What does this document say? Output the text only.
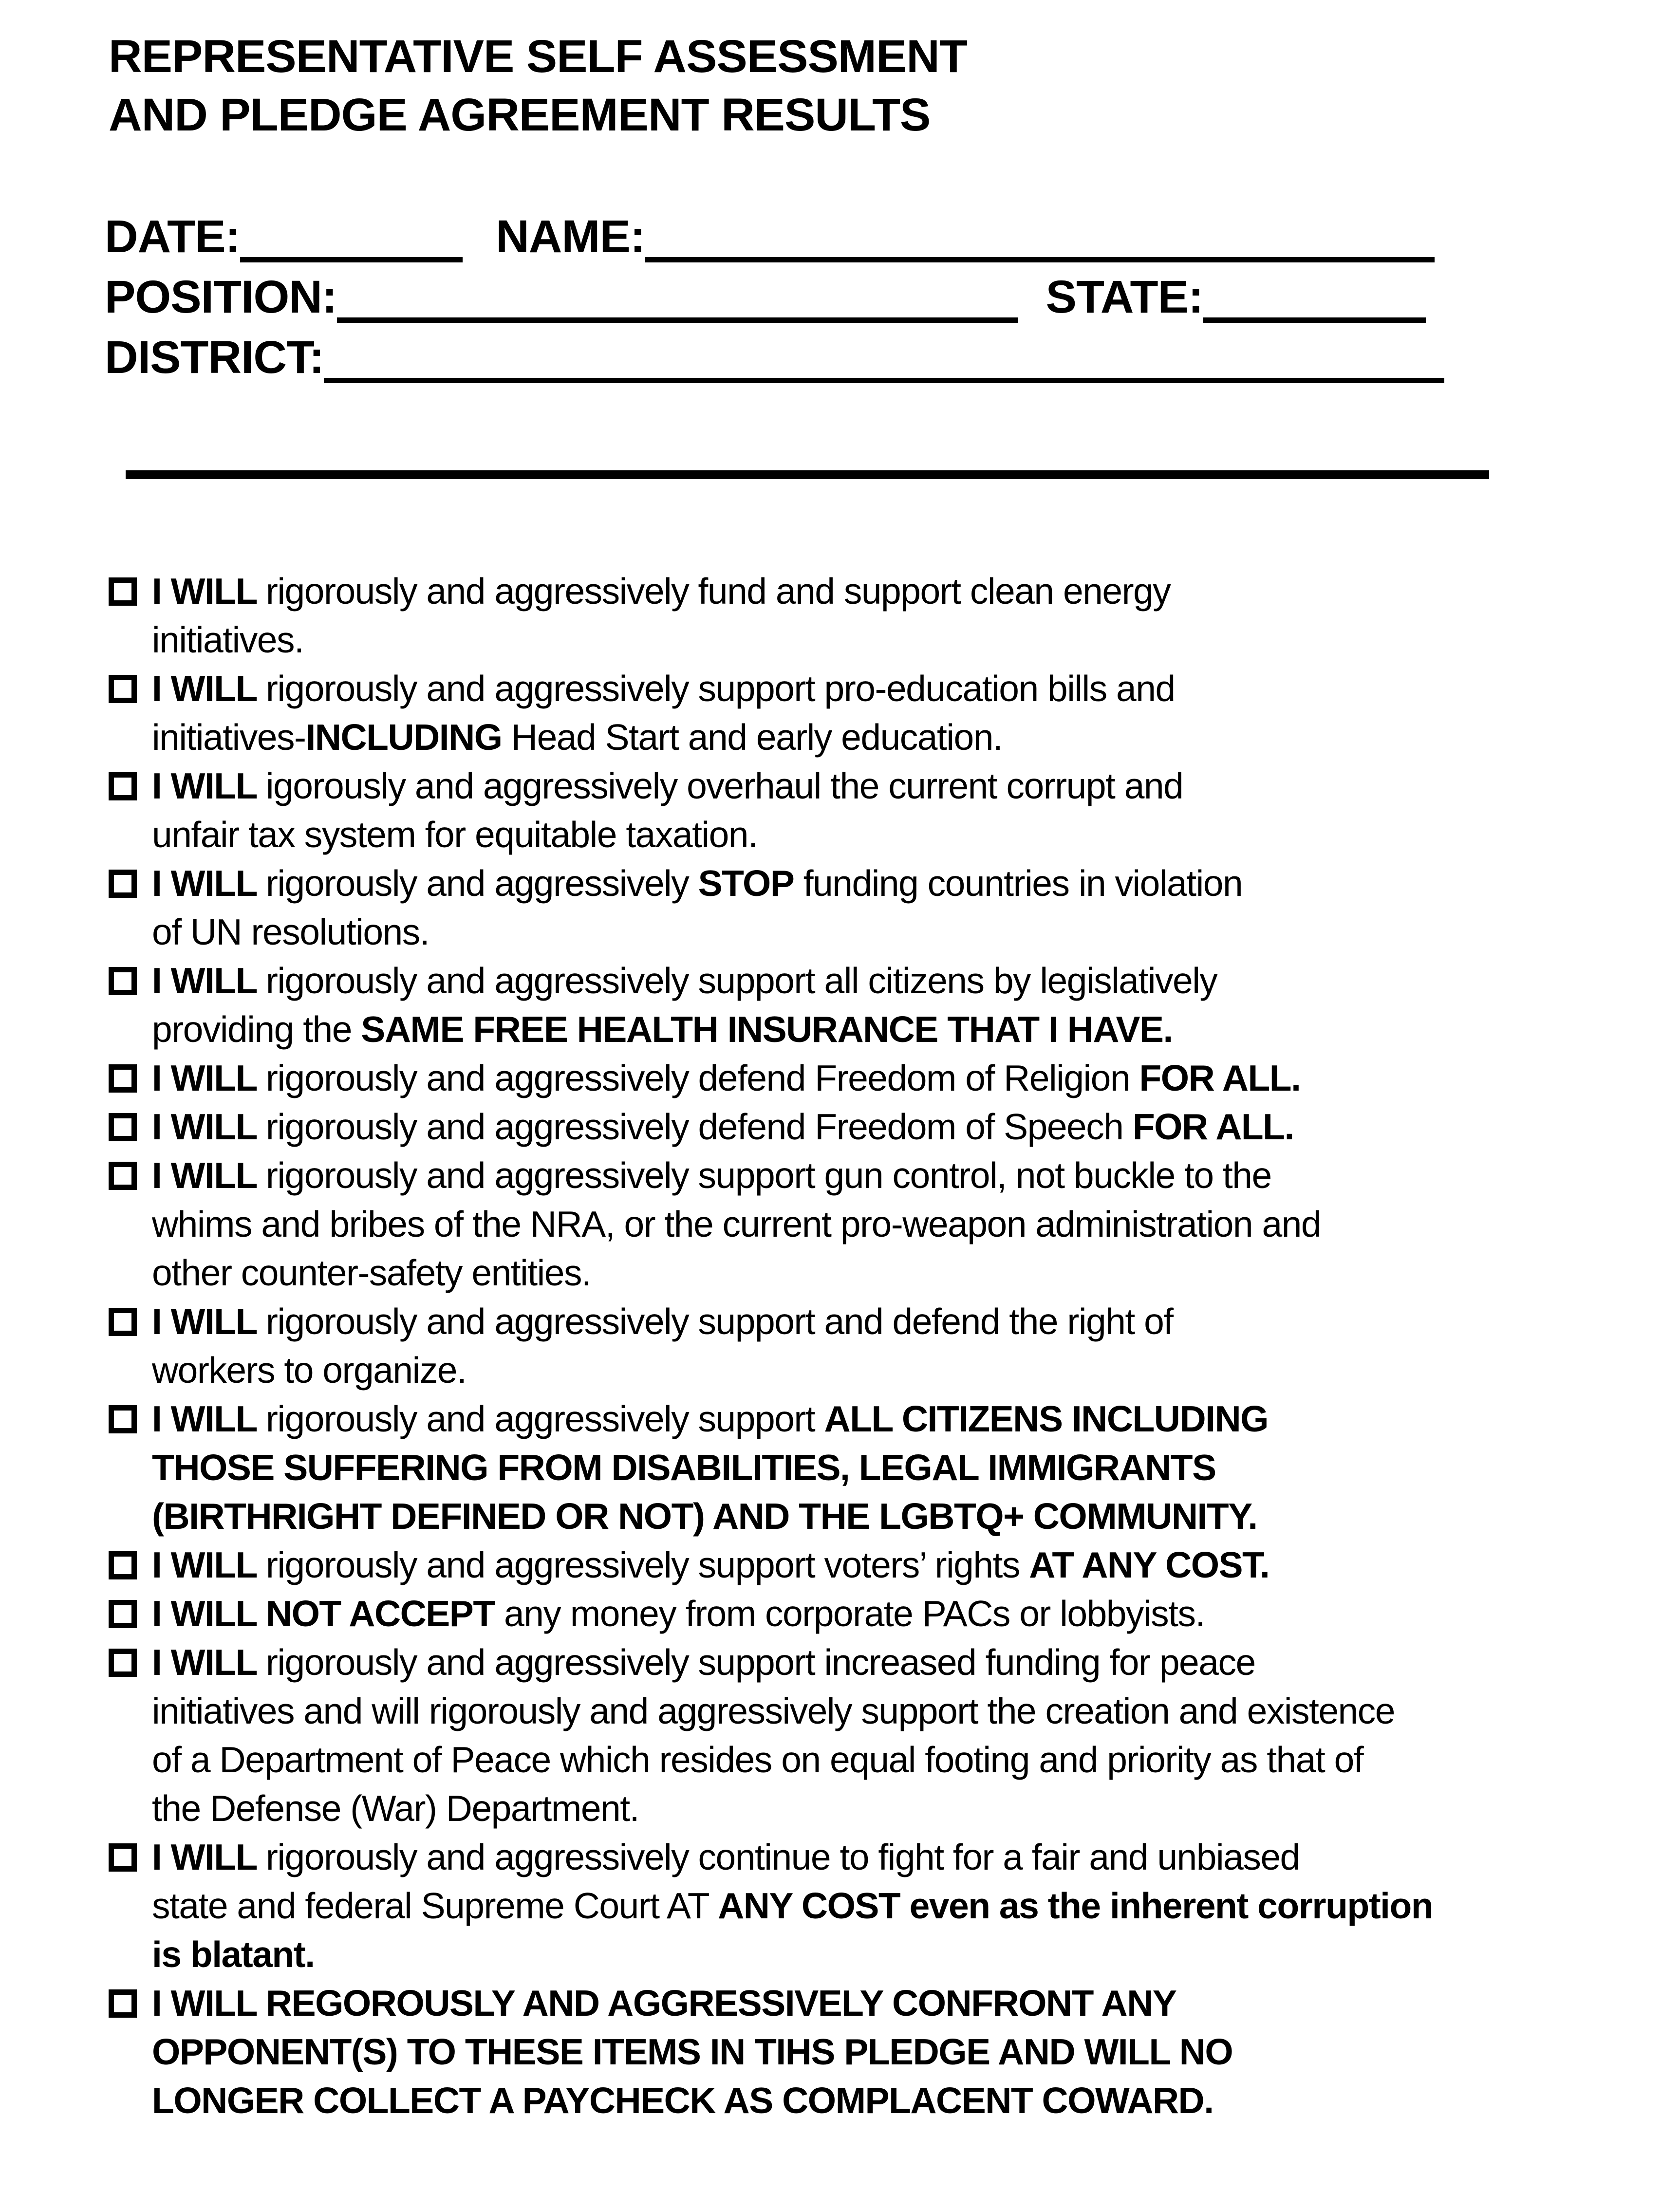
REPRESENTATIVE SELF ASSESSMENT
AND PLEDGE AGREEMENT RESULTS
DATE:	NAME:
POSITION:	STATE:
DISTRICT:
I WILL rigorously and aggressively fund and support clean energy
initiatives.
I WILL rigorously and aggressively support pro-education bills and
initiatives-INCLUDING Head Start and early education.
I WILL igorously and aggressively overhaul the current corrupt and
unfair tax system for equitable taxation.
I WILL rigorously and aggressively STOP funding countries in violation
of UN resolutions.
I WILL rigorously and aggressively support all citizens by legislatively
providing the SAME FREE HEALTH INSURANCE THAT I HAVE.
I WILL rigorously and aggressively defend Freedom of Religion FOR ALL.
I WILL rigorously and aggressively defend Freedom of Speech FOR ALL.
I WILL rigorously and aggressively support gun control, not buckle to the
whims and bribes of the NRA, or the current pro-weapon administration and
other counter-safety entities.
I WILL rigorously and aggressively support and defend the right of
workers to organize.
I WILL rigorously and aggressively support ALL CITIZENS INCLUDING
THOSE SUFFERING FROM DISABILITIES, LEGAL IMMIGRANTS
(BIRTHRIGHT DEFINED OR NOT) AND THE LGBTQ+ COMMUNITY.
I WILL rigorously and aggressively support voters’ rights AT ANY COST.
I WILL NOT ACCEPT any money from corporate PACs or lobbyists.
I WILL rigorously and aggressively support increased funding for peace
initiatives and will rigorously and aggressively support the creation and existence
of a Department of Peace which resides on equal footing and priority as that of
the Defense (War) Department.
I WILL rigorously and aggressively continue to fight for a fair and unbiased
state and federal Supreme Court AT ANY COST even as the inherent corruption
is blatant.
I WILL REGOROUSLY AND AGGRESSIVELY CONFRONT ANY
OPPONENT(S) TO THESE ITEMS IN TIHS PLEDGE AND WILL NO
LONGER COLLECT A PAYCHECK AS COMPLACENT COWARD.
